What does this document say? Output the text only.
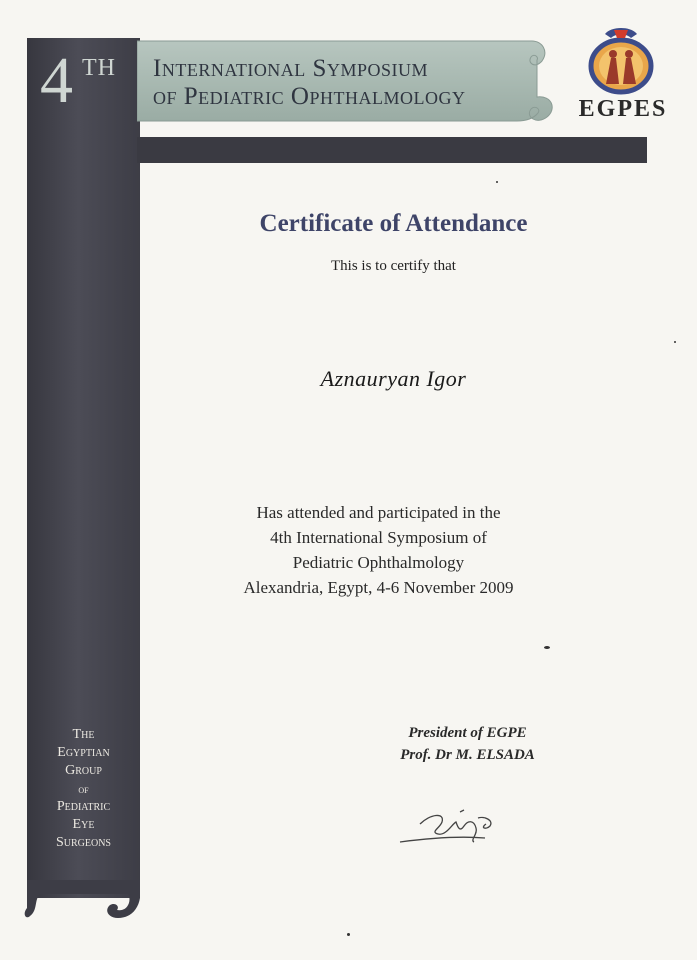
4 TH
The
Egyptian
Group
of
Pediatric
Eye
Surgeons
International Symposium
of Pediatric Ophthalmology	EGPES
Certificate of Attendance
This is to certify that
Aznauryan Igor
Has attended and participated in the
4th International Symposium of
Pediatric Ophthalmology
Alexandria, Egypt, 4-6 November 2009
President of EGPE
Prof. Dr M. ELSADA
